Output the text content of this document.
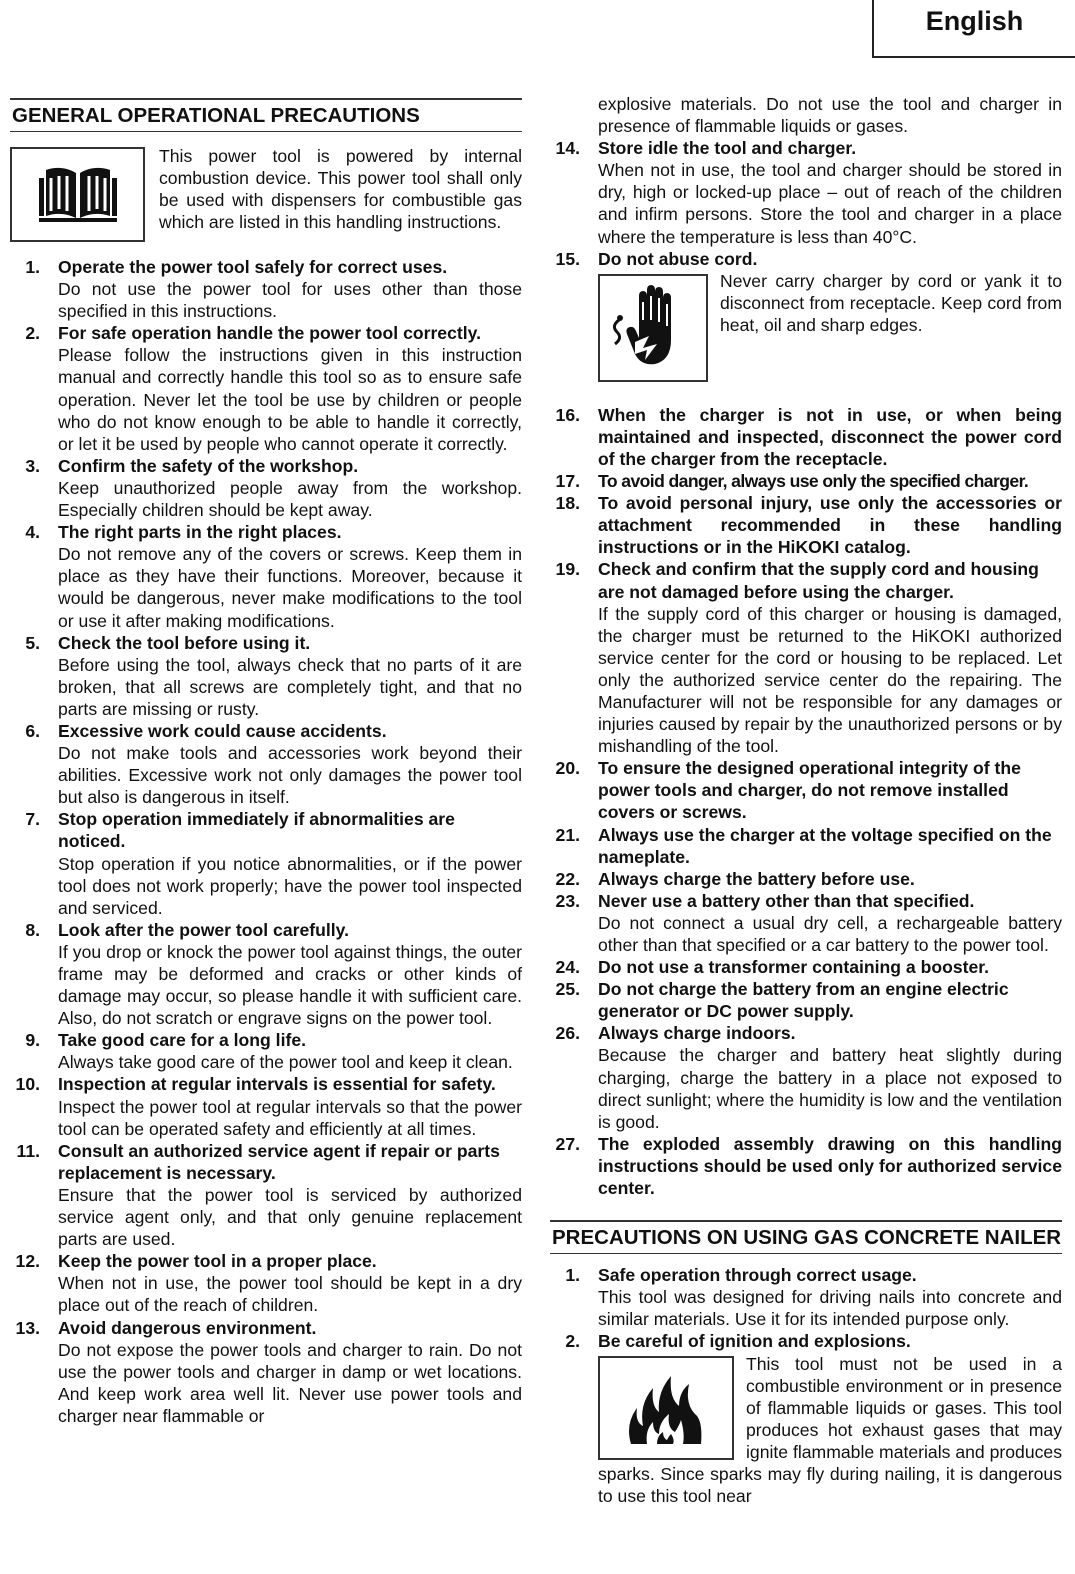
English
GENERAL OPERATIONAL PRECAUTIONS
This power tool is powered by internal combustion device. This power tool shall only be used with dispensers for combustible gas which are listed in this handling instructions.
1. Operate the power tool safely for correct uses.
Do not use the power tool for uses other than those specified in this instructions.
2. For safe operation handle the power tool correctly.
Please follow the instructions given in this instruction manual and correctly handle this tool so as to ensure safe operation. Never let the tool be use by children or people who do not know enough to be able to handle it correctly, or let it be used by people who cannot operate it correctly.
3. Confirm the safety of the workshop.
Keep unauthorized people away from the workshop. Especially children should be kept away.
4. The right parts in the right places.
Do not remove any of the covers or screws. Keep them in place as they have their functions. Moreover, because it would be dangerous, never make modifications to the tool or use it after making modifications.
5. Check the tool before using it.
Before using the tool, always check that no parts of it are broken, that all screws are completely tight, and that no parts are missing or rusty.
6. Excessive work could cause accidents.
Do not make tools and accessories work beyond their abilities. Excessive work not only damages the power tool but also is dangerous in itself.
7. Stop operation immediately if abnormalities are noticed.
Stop operation if you notice abnormalities, or if the power tool does not work properly; have the power tool inspected and serviced.
8. Look after the power tool carefully.
If you drop or knock the power tool against things, the outer frame may be deformed and cracks or other kinds of damage may occur, so please handle it with sufficient care. Also, do not scratch or engrave signs on the power tool.
9. Take good care for a long life.
Always take good care of the power tool and keep it clean.
10. Inspection at regular intervals is essential for safety.
Inspect the power tool at regular intervals so that the power tool can be operated safety and efficiently at all times.
11. Consult an authorized service agent if repair or parts replacement is necessary.
Ensure that the power tool is serviced by authorized service agent only, and that only genuine replacement parts are used.
12. Keep the power tool in a proper place.
When not in use, the power tool should be kept in a dry place out of the reach of children.
13. Avoid dangerous environment.
Do not expose the power tools and charger to rain. Do not use the power tools and charger in damp or wet locations. And keep work area well lit. Never use power tools and charger near flammable or
explosive materials. Do not use the tool and charger in presence of flammable liquids or gases.
14. Store idle the tool and charger.
When not in use, the tool and charger should be stored in dry, high or locked-up place – out of reach of the children and infirm persons. Store the tool and charger in a place where the temperature is less than 40°C.
15. Do not abuse cord.
Never carry charger by cord or yank it to disconnect from receptacle. Keep cord from heat, oil and sharp edges.
16. When the charger is not in use, or when being maintained and inspected, disconnect the power cord of the charger from the receptacle.
17. To avoid danger, always use only the specified charger.
18. To avoid personal injury, use only the accessories or attachment recommended in these handling instructions or in the HiKOKI catalog.
19. Check and confirm that the supply cord and housing are not damaged before using the charger.
If the supply cord of this charger or housing is damaged, the charger must be returned to the HiKOKI authorized service center for the cord or housing to be replaced. Let only the authorized service center do the repairing. The Manufacturer will not be responsible for any damages or injuries caused by repair by the unauthorized persons or by mishandling of the tool.
20. To ensure the designed operational integrity of the power tools and charger, do not remove installed covers or screws.
21. Always use the charger at the voltage specified on the nameplate.
22. Always charge the battery before use.
23. Never use a battery other than that specified.
Do not connect a usual dry cell, a rechargeable battery other than that specified or a car battery to the power tool.
24. Do not use a transformer containing a booster.
25. Do not charge the battery from an engine electric generator or DC power supply.
26. Always charge indoors.
Because the charger and battery heat slightly during charging, charge the battery in a place not exposed to direct sunlight; where the humidity is low and the ventilation is good.
27. The exploded assembly drawing on this handling instructions should be used only for authorized service center.
PRECAUTIONS ON USING GAS CONCRETE NAILER
1. Safe operation through correct usage.
This tool was designed for driving nails into concrete and similar materials. Use it for its intended purpose only.
2. Be careful of ignition and explosions.
This tool must not be used in a combustible environment or in presence of flammable liquids or gases. This tool produces hot exhaust gases that may ignite flammable materials and produces sparks. Since sparks may fly during nailing, it is dangerous to use this tool near
